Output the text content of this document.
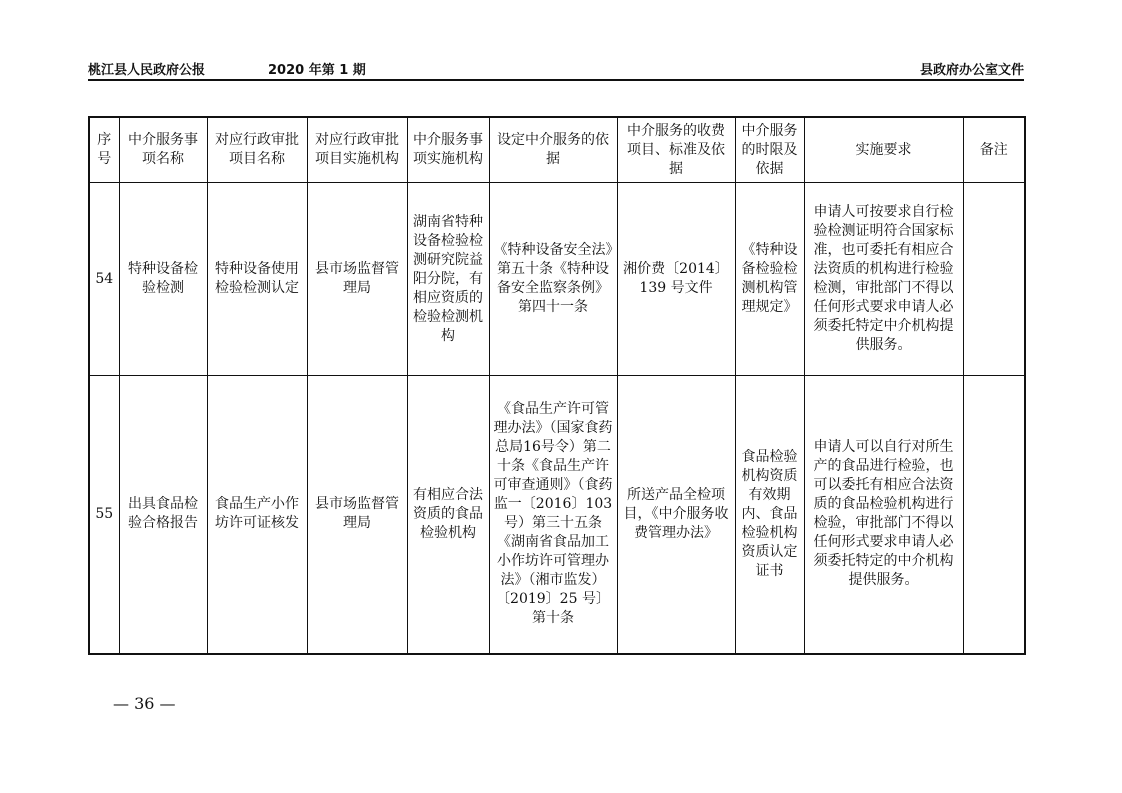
桃江县人民政府公报	2020 年第 1 期	县政府办公室文件
序号	中介服务事项名称	对应行政审批项目名称	对应行政审批项目实施机构	中介服务事项实施机构	设定中介服务的依据	中介服务的收费项目、标准及依据	中介服务的时限及依据	实施要求	备注
54	特种设备检验检测	特种设备使用检验检测认定	县市场监督管理局	湖南省特种设备检验检测研究院益阳分院，有相应资质的检验检测机构	《特种设备安全法》第五十条《特种设备安全监察条例》第四十一条	湘价费〔2014〕139 号文件	《特种设备检验检测机构管理规定》	申请人可按要求自行检验检测证明符合国家标准，也可委托有相应合法资质的机构进行检验检测，审批部门不得以任何形式要求申请人必须委托特定中介机构提供服务。	
55	出具食品检验合格报告	食品生产小作坊许可证核发	县市场监督管理局	有相应合法资质的食品检验机构	《食品生产许可管理办法》（国家食药总局16号令）第二十条《食品生产许可审查通则》（食药监一〔2016〕103 号）第三十五条《湖南省食品加工小作坊许可管理办法》（湘市监发）〔2019〕25 号〕第十条	所送产品全检项目，《中介服务收费管理办法》	食品检验机构资质有效期内、食品检验机构资质认定证书	申请人可以自行对所生产的食品进行检验，也可以委托有相应合法资质的食品检验机构进行检验，审批部门不得以任何形式要求申请人必须委托特定的中介机构提供服务。	
— 36 —
